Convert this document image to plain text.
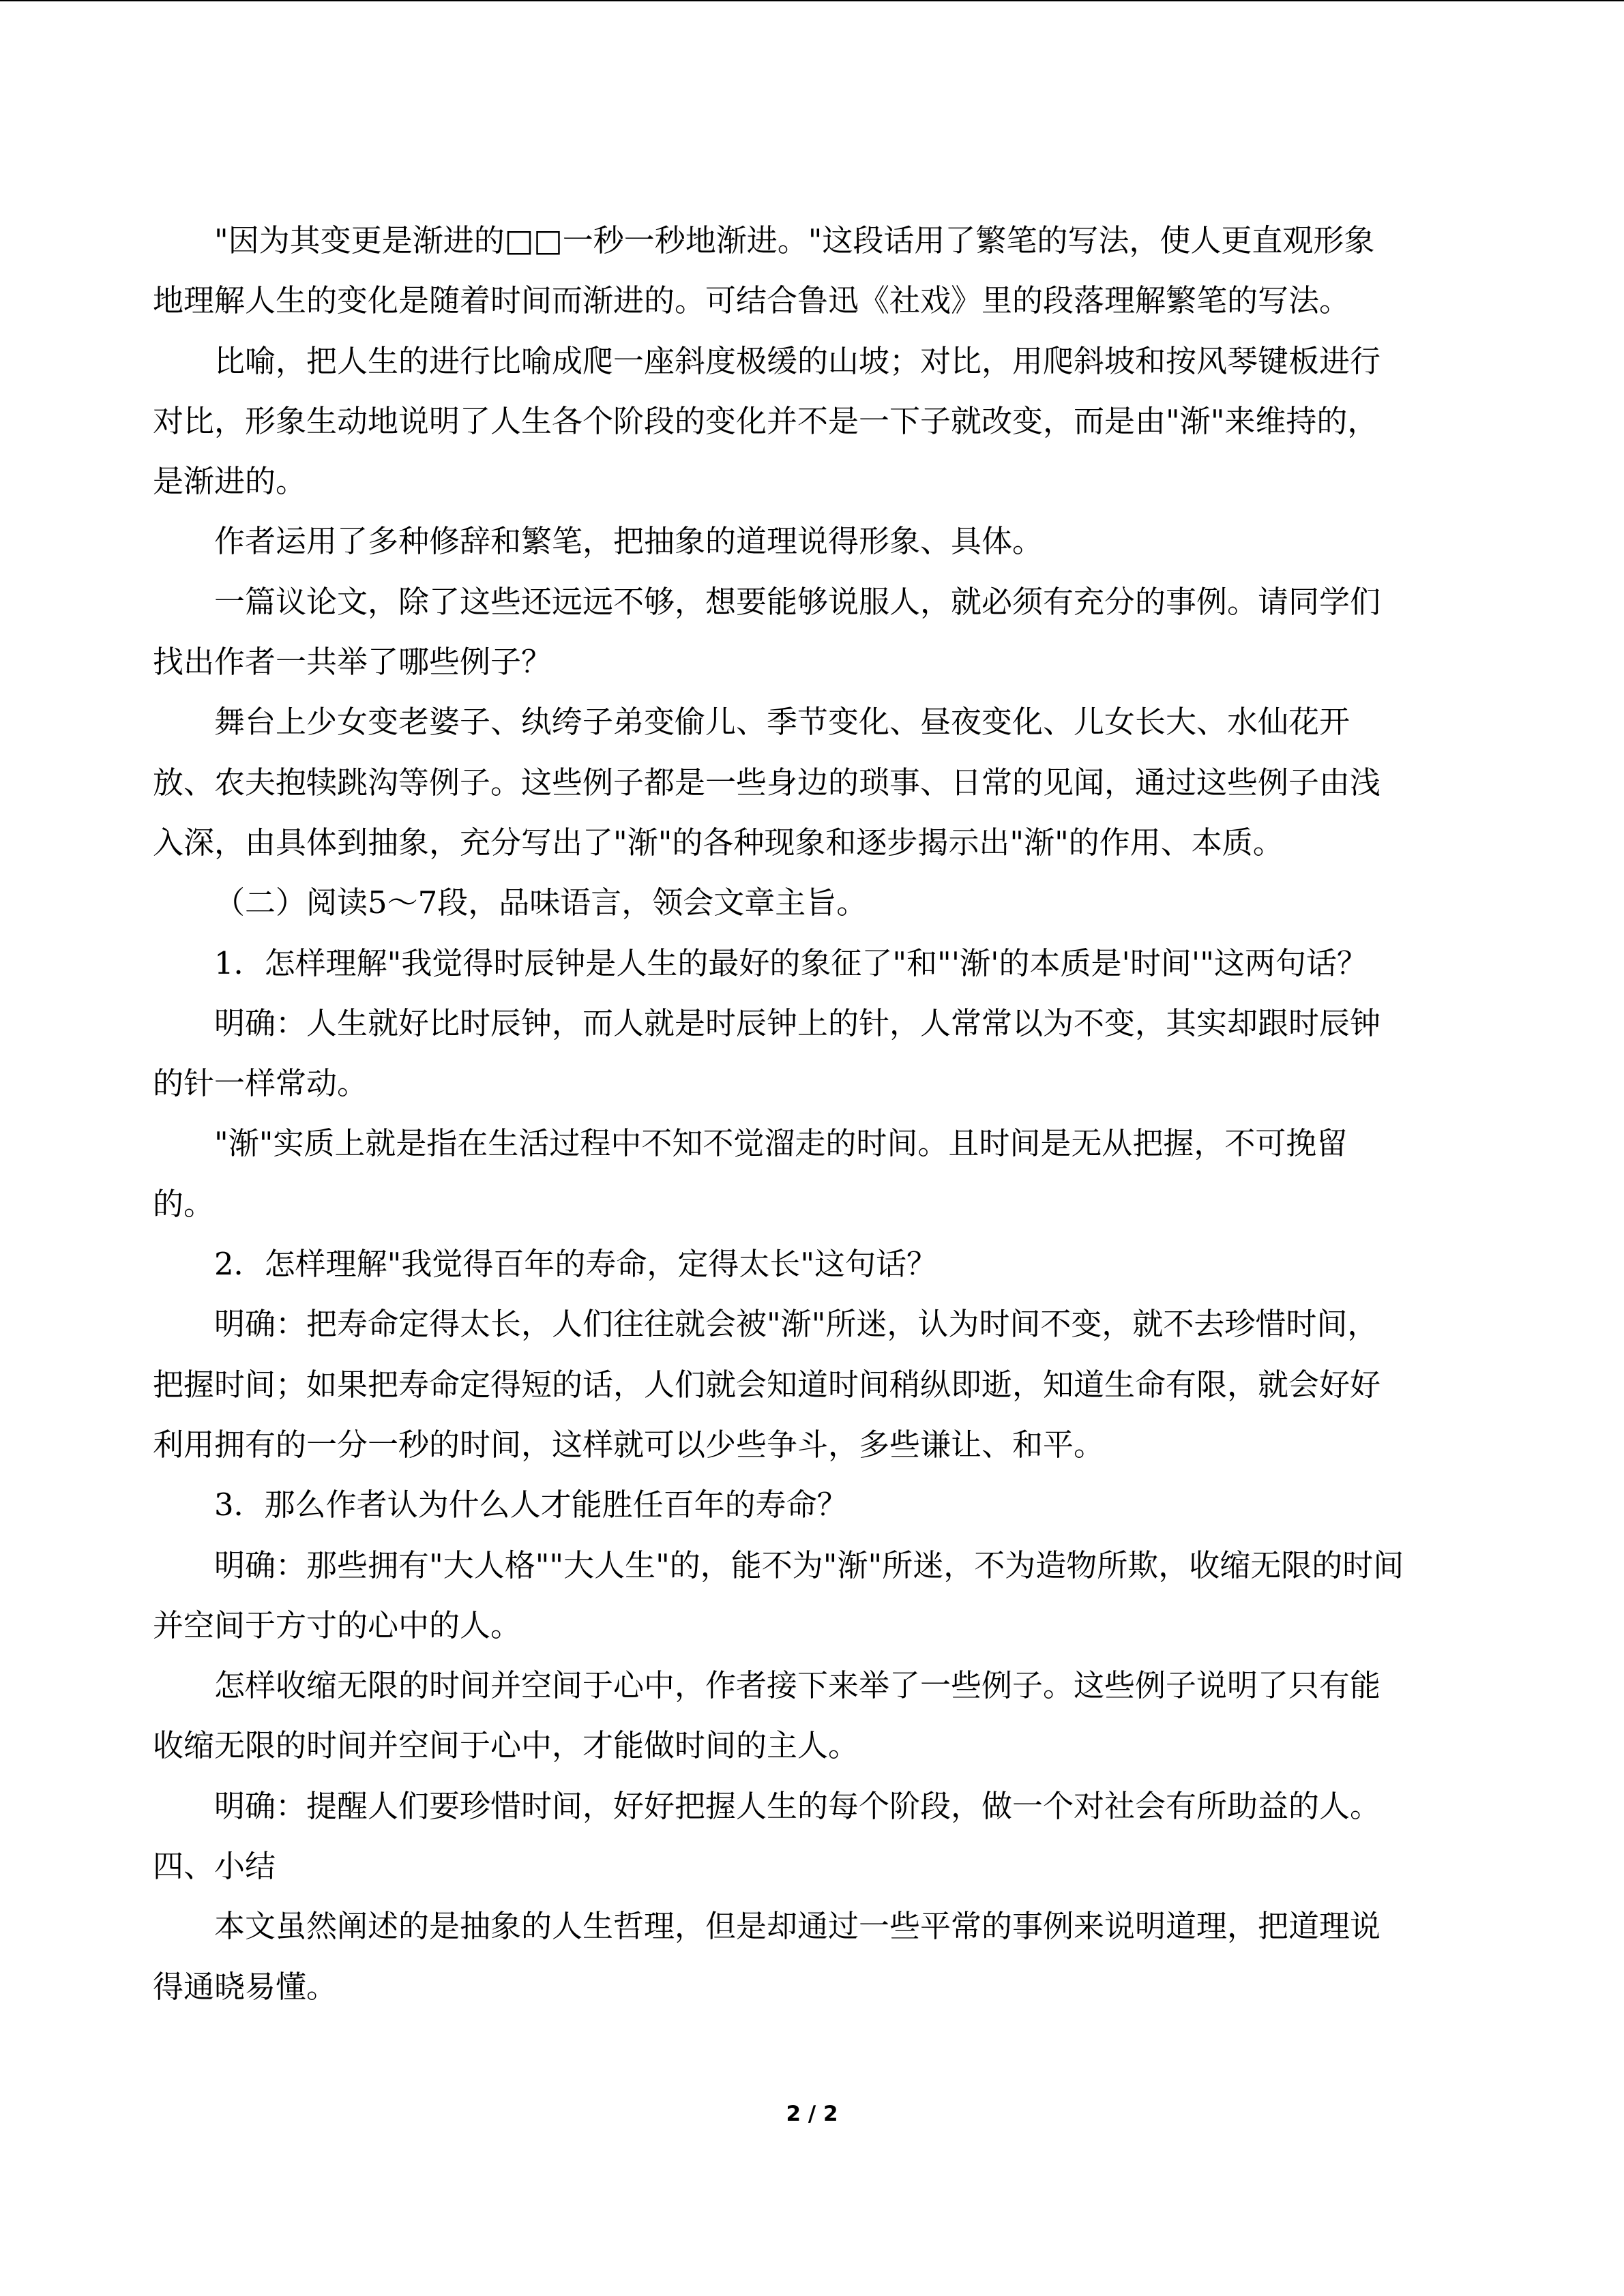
"因为其变更是渐进的□□一秒一秒地渐进。"这段话用了繁笔的写法，使人更直观形象
地理解人生的变化是随着时间而渐进的。可结合鲁迅《社戏》里的段落理解繁笔的写法。
比喻，把人生的进行比喻成爬一座斜度极缓的山坡；对比，用爬斜坡和按风琴键板进行
对比，形象生动地说明了人生各个阶段的变化并不是一下子就改变，而是由"渐"来维持的，
是渐进的。
作者运用了多种修辞和繁笔，把抽象的道理说得形象、具体。
一篇议论文，除了这些还远远不够，想要能够说服人，就必须有充分的事例。请同学们
找出作者一共举了哪些例子？
舞台上少女变老婆子、纨绔子弟变偷儿、季节变化、昼夜变化、儿女长大、水仙花开
放、农夫抱犊跳沟等例子。这些例子都是一些身边的琐事、日常的见闻，通过这些例子由浅
入深，由具体到抽象，充分写出了"渐"的各种现象和逐步揭示出"渐"的作用、本质。
（二）阅读5～7段，品味语言，领会文章主旨。
1．怎样理解"我觉得时辰钟是人生的最好的象征了"和"'渐'的本质是'时间'"这两句话？
明确：人生就好比时辰钟，而人就是时辰钟上的针，人常常以为不变，其实却跟时辰钟
的针一样常动。
"渐"实质上就是指在生活过程中不知不觉溜走的时间。且时间是无从把握，不可挽留
的。
2．怎样理解"我觉得百年的寿命，定得太长"这句话？
明确：把寿命定得太长，人们往往就会被"渐"所迷，认为时间不变，就不去珍惜时间，
把握时间；如果把寿命定得短的话，人们就会知道时间稍纵即逝，知道生命有限，就会好好
利用拥有的一分一秒的时间，这样就可以少些争斗，多些谦让、和平。
3．那么作者认为什么人才能胜任百年的寿命？
明确：那些拥有"大人格""大人生"的，能不为"渐"所迷，不为造物所欺，收缩无限的时间
并空间于方寸的心中的人。
怎样收缩无限的时间并空间于心中，作者接下来举了一些例子。这些例子说明了只有能
收缩无限的时间并空间于心中，才能做时间的主人。
明确：提醒人们要珍惜时间，好好把握人生的每个阶段，做一个对社会有所助益的人。
四、小结
本文虽然阐述的是抽象的人生哲理，但是却通过一些平常的事例来说明道理，把道理说
得通晓易懂。
2 / 2
